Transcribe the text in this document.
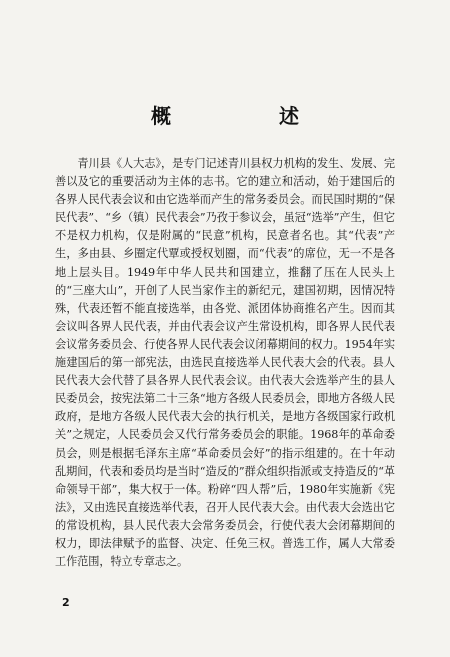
概　述

青川县《人大志》，是专门记述青川县权力机构的发生、发展、完善以及它的重要活动为主体的志书。它的建立和活动，始于建国后的各界人民代表会议和由它选举而产生的常务委员会。而民国时期的“保民代表”、“乡（镇）民代表会”乃孜于参议会，虽冠“选举”产生，但它不是权力机构，仅是附属的“民意”机构，民意者名也。其“代表”产生，多由县、乡圈定代覃或授权划圈，而“代表”的席位，无一不是各地上层头目。1949年中华人民共和国建立，推翻了压在人民头上的“三座大山”，开创了人民当家作主的新纪元，建国初期，因情况特殊，代表还暂不能直接选举，由各党、派团体协商推名产生。因而其会议叫各界人民代表，并由代表会议产生常设机构，即各界人民代表会议常务委员会、行使各界人民代表会议闭幕期间的权力。1954年实施建国后的第一部宪法，由选民直接选举人民代表大会的代表。县人民代表大会代替了县各界人民代表会议。由代表大会选举产生的县人民委员会，按宪法第二十三条“地方各级人民委员会，即地方各级人民政府，是地方各级人民代表大会的执行机关，是地方各级国家行政机关”之规定，人民委员会又代行常务委员会的职能。1968年的革命委员会，则是根据毛泽东主席“革命委员会好”的指示组建的。在十年动乱期间，代表和委员均是当时“造反的”群众组织指派或支持造反的“革命领导干部”，集大权于一体。粉碎“四人帮”后，1980年实施新《宪法》，又由选民直接选举代表，召开人民代表大会。由代表大会选出它的常设机构，县人民代表大会常务委员会，行使代表大会闭幕期间的权力，即法律赋予的监督、决定、任免三权。普选工作，属人大常委工作范围，特立专章志之。

2
